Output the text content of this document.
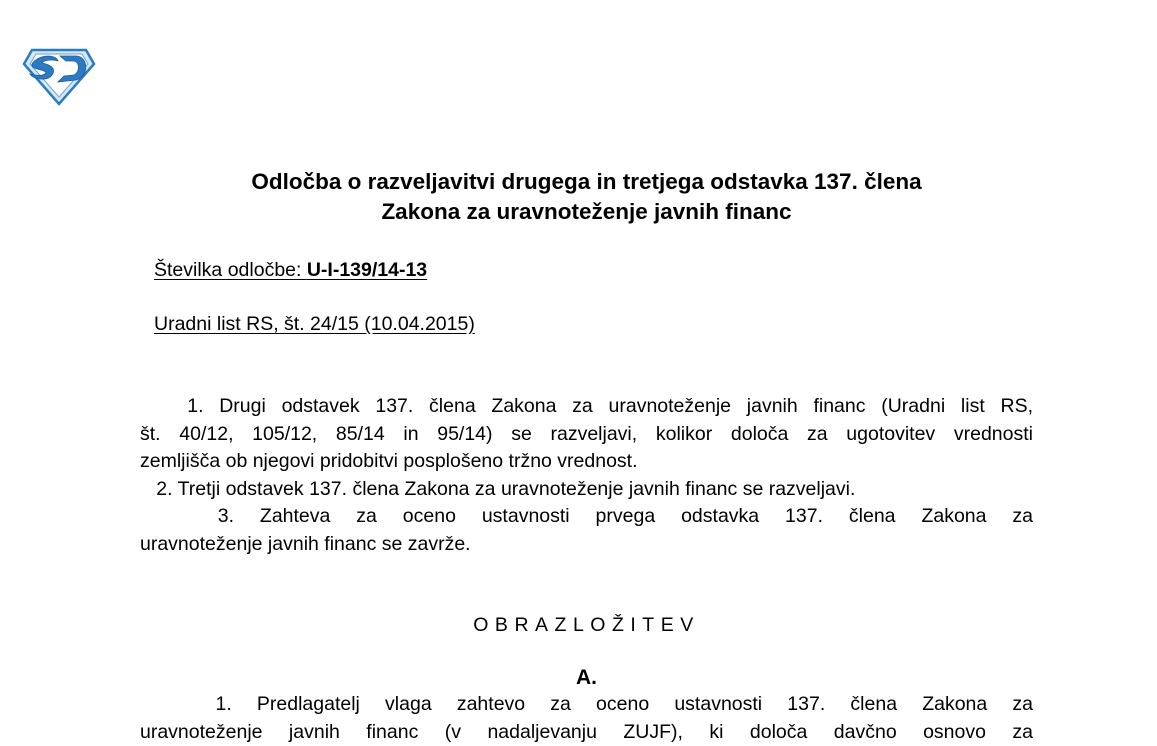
Odločba o razveljavitvi drugega in tretjega odstavka 137. člena
Zakona za uravnoteženje javnih financ
Številka odločbe: U-I-139/14-13
Uradni list RS, št. 24/15 (10.04.2015)
1. Drugi odstavek 137. člena Zakona za uravnoteženje javnih financ (Uradni list RS,
št. 40/12, 105/12, 85/14 in 95/14) se razveljavi, kolikor določa za ugotovitev vrednosti
zemljišča ob njegovi pridobitvi posplošeno tržno vrednost.
2. Tretji odstavek 137. člena Zakona za uravnoteženje javnih financ se razveljavi.
3. Zahteva za oceno ustavnosti prvega odstavka 137. člena Zakona za
uravnoteženje javnih financ se zavrže.
OBRAZLOŽITEV
A.
1. Predlagatelj vlaga zahtevo za oceno ustavnosti 137. člena Zakona za
uravnoteženje javnih financ (v nadaljevanju ZUJF), ki določa davčno osnovo za
